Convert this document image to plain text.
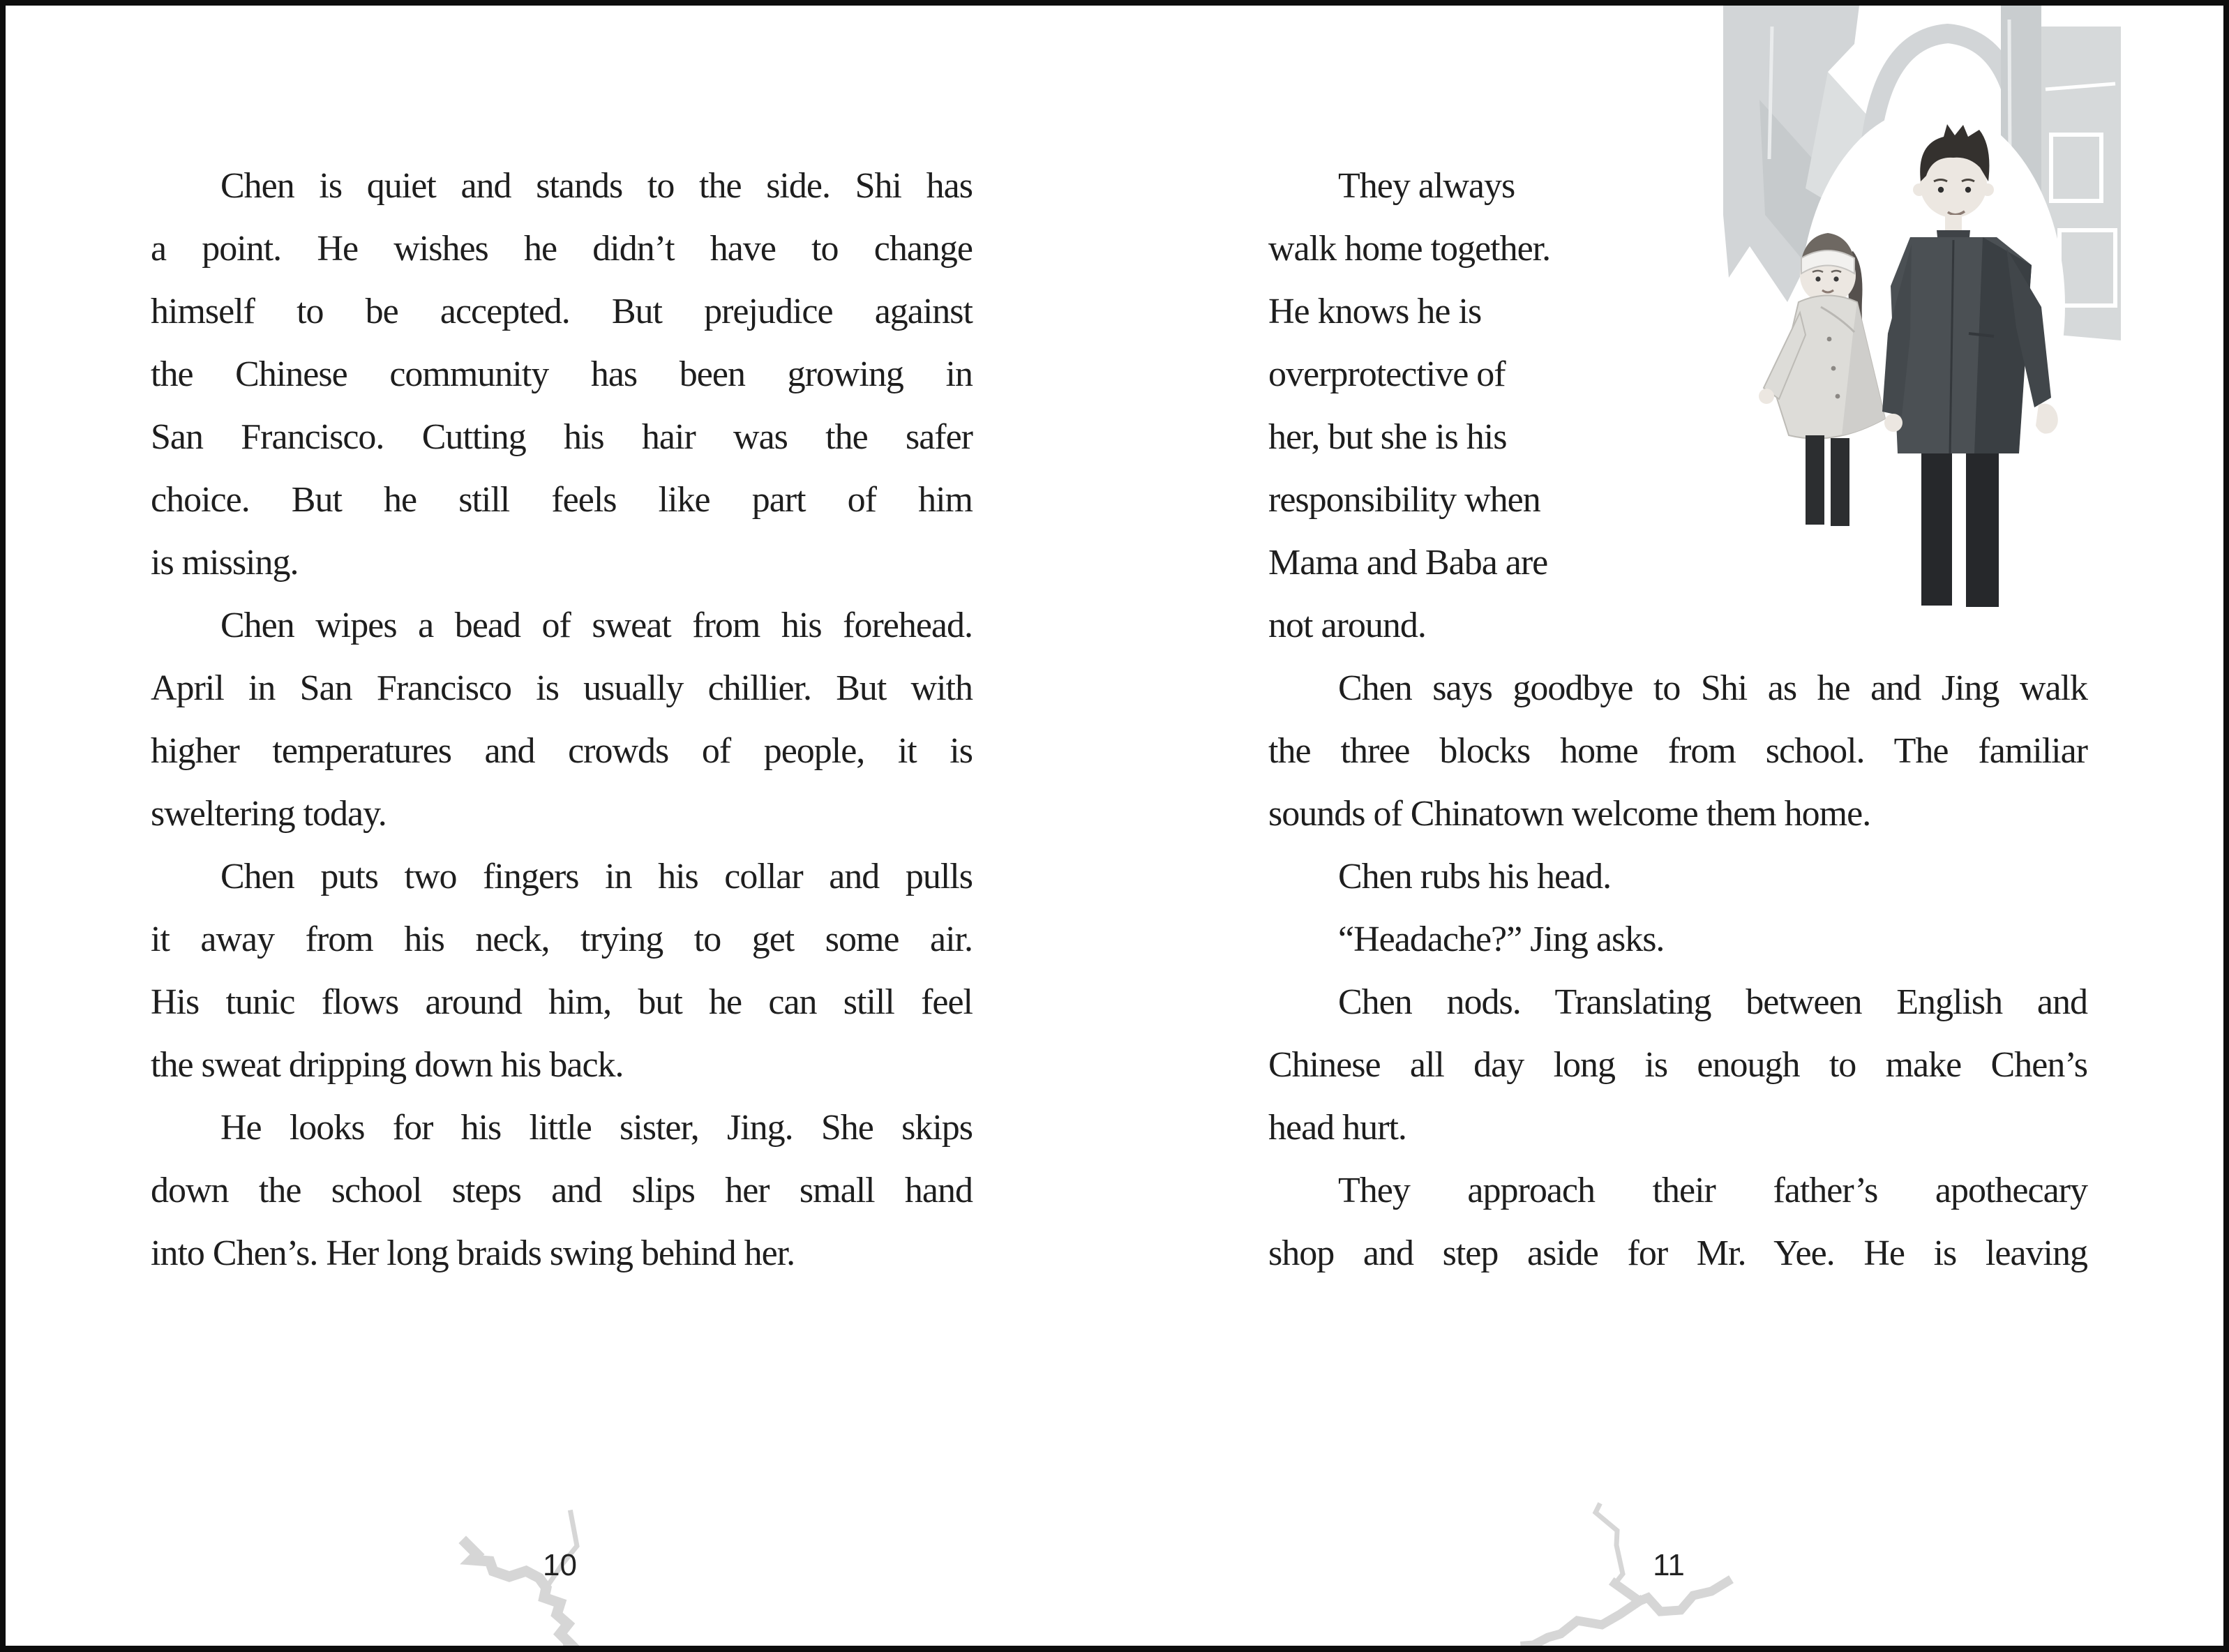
Chen is quiet and stands to the side. Shi has
a point. He wishes he didn’t have to change
himself to be accepted. But prejudice against
the Chinese community has been growing in
San Francisco. Cutting his hair was the safer
choice. But he still feels like part of him
is missing.
Chen wipes a bead of sweat from his forehead.
April in San Francisco is usually chillier. But with
higher temperatures and crowds of people, it is
sweltering today.
Chen puts two fingers in his collar and pulls
it away from his neck, trying to get some air.
His tunic flows around him, but he can still feel
the sweat dripping down his back.
He looks for his little sister, Jing. She skips
down the school steps and slips her small hand
into Chen’s. Her long braids swing behind her.
They always
walk home together.
He knows he is
overprotective of
her, but she is his
responsibility when
Mama and Baba are
not around.
Chen says goodbye to Shi as he and Jing walk
the three blocks home from school. The familiar
sounds of Chinatown welcome them home.
Chen rubs his head.
“Headache?” Jing asks.
Chen nods. Translating between English and
Chinese all day long is enough to make Chen’s
head hurt.
They approach their father’s apothecary
shop and step aside for Mr. Yee. He is leaving
10	11
